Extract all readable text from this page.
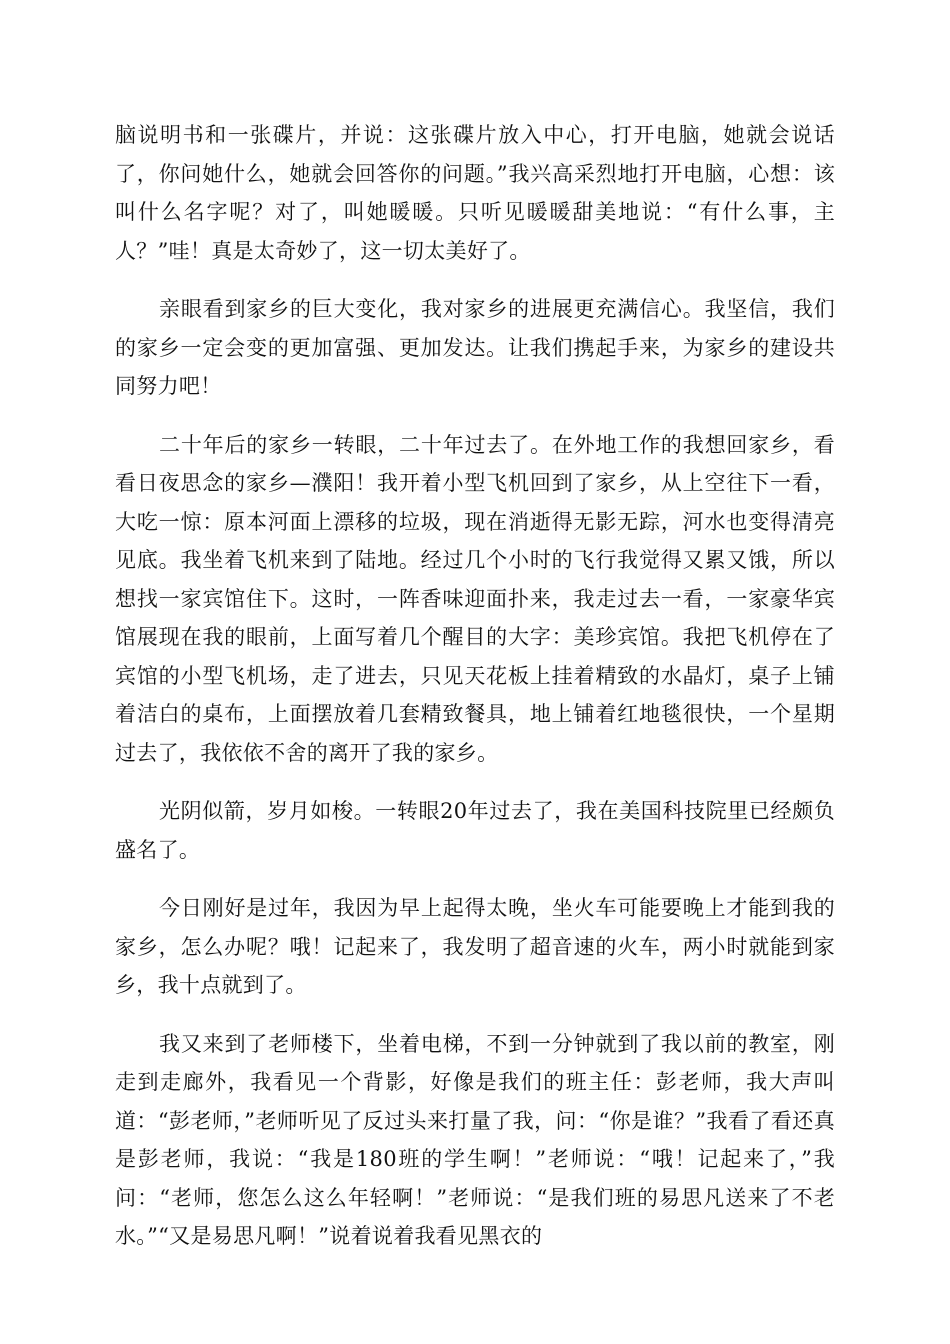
脑说明书和一张碟片，并说：这张碟片放入中心，打开电脑，她就会说话了，你问她什么，她就会回答你的问题。”我兴高采烈地打开电脑，心想：该叫什么名字呢？对了，叫她暖暖。只听见暖暖甜美地说：“有什么事，主人？”哇！真是太奇妙了，这一切太美好了。

亲眼看到家乡的巨大变化，我对家乡的进展更充满信心。我坚信，我们的家乡一定会变的更加富强、更加发达。让我们携起手来，为家乡的建设共同努力吧！

二十年后的家乡一转眼，二十年过去了。在外地工作的我想回家乡，看看日夜思念的家乡—濮阳！我开着小型飞机回到了家乡，从上空往下一看，大吃一惊：原本河面上漂移的垃圾，现在消逝得无影无踪，河水也变得清亮见底。我坐着飞机来到了陆地。经过几个小时的飞行我觉得又累又饿，所以想找一家宾馆住下。这时，一阵香味迎面扑来，我走过去一看，一家豪华宾馆展现在我的眼前，上面写着几个醒目的大字：美珍宾馆。我把飞机停在了宾馆的小型飞机场，走了进去，只见天花板上挂着精致的水晶灯，桌子上铺着洁白的桌布，上面摆放着几套精致餐具，地上铺着红地毯很快，一个星期过去了，我依依不舍的离开了我的家乡。

光阴似箭，岁月如梭。一转眼20年过去了，我在美国科技院里已经颇负盛名了。

今日刚好是过年，我因为早上起得太晚，坐火车可能要晚上才能到我的家乡，怎么办呢？哦！记起来了，我发明了超音速的火车，两小时就能到家乡，我十点就到了。

我又来到了老师楼下，坐着电梯，不到一分钟就到了我以前的教室，刚走到走廊外，我看见一个背影，好像是我们的班主任：彭老师，我大声叫道：“彭老师，”老师听见了反过头来打量了我，问：“你是谁？”我看了看还真是彭老师，我说：“我是180班的学生啊！”老师说：“哦！记起来了，”我问：“老师，您怎么这么年轻啊！”老师说：“是我们班的易思凡送来了不老水。”“又是易思凡啊！”说着说着我看见黑衣的
